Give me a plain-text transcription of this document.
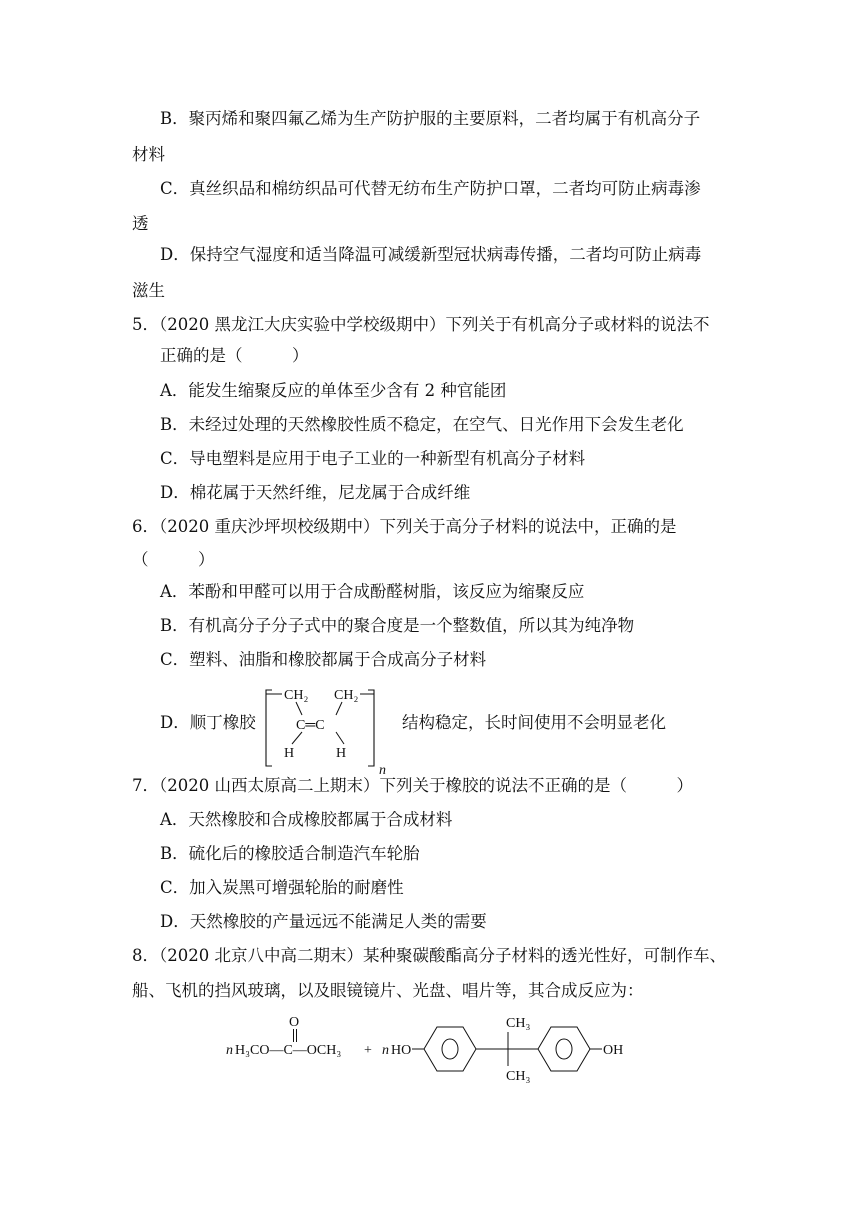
B．聚丙烯和聚四氟乙烯为生产防护服的主要原料，二者均属于有机高分子
材料
C．真丝织品和棉纺织品可代替无纺布生产防护口罩，二者均可防止病毒渗
透
D．保持空气湿度和适当降温可减缓新型冠状病毒传播，二者均可防止病毒
滋生
5．（2020 黑龙江大庆实验中学校级期中）下列关于有机高分子或材料的说法不
正确的是（　　　）
A．能发生缩聚反应的单体至少含有 2 种官能团
B．未经过处理的天然橡胶性质不稳定，在空气、日光作用下会发生老化
C．导电塑料是应用于电子工业的一种新型有机高分子材料
D．棉花属于天然纤维，尼龙属于合成纤维
6．（2020 重庆沙坪坝校级期中）下列关于高分子材料的说法中，正确的是
（　　　）
A．苯酚和甲醛可以用于合成酚醛树脂，该反应为缩聚反应
B．有机高分子分子式中的聚合度是一个整数值，所以其为纯净物
C．塑料、油脂和橡胶都属于合成高分子材料
D．顺丁橡胶
CH₂ CH₂
C═C
H	H
n
结构稳定，长时间使用不会明显老化
7．（2020 山西太原高二上期末）下列关于橡胶的说法不正确的是（　　　）
A．天然橡胶和合成橡胶都属于合成材料
B．硫化后的橡胶适合制造汽车轮胎
C．加入炭黑可增强轮胎的耐磨性
D．天然橡胶的产量远远不能满足人类的需要
8．（2020 北京八中高二期末）某种聚碳酸酯高分子材料的透光性好，可制作车、
船、飞机的挡风玻璃，以及眼镜镜片、光盘、唱片等，其合成反应为：
O
n H₃CO—C—OCH₃ + n HO
CH₃
CH₃
OH
